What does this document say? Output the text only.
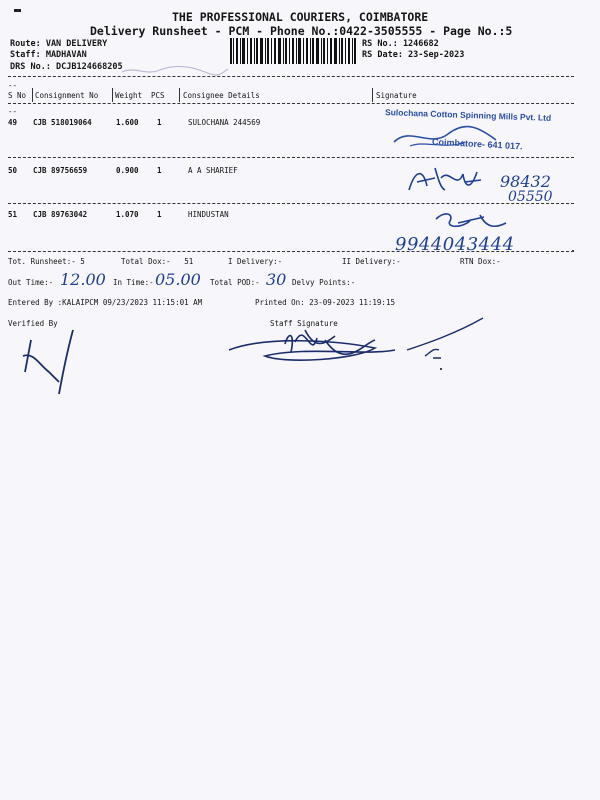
THE PROFESSIONAL COURIERS, COIMBATORE
Delivery Runsheet - PCM - Phone No.:0422-3505555 - Page No.:5
Route: VAN DELIVERY
Staff: MADHAVAN
DRS No.: DCJB124668205
RS No.: 1246682
RS Date: 23-Sep-2023
--
S No Consignment No Weight PCS Consignee Details	Signature
--
49 CJB 518019064	1.600 1	SULOCHANA 244569	Sulochana Cotton Spinning Mills Pvt. Ltd
Coimbatore- 641 017.
50 CJB 89756659	0.900 1	A A SHARIEF
98432
05550
51 CJB 89763042	1.070 1	HINDUSTAN
9944043444
Tot. Runsheet:- 5	Total Dox:-   51	I Delivery:-	II Delivery:-	RTN Dox:-
Out Time:- 12.00 In Time:- 05.00 Total POD:- 30 Delvy Points:-
Entered By :KALAIPCM 09/23/2023 11:15:01 AM	Printed On: 23-09-2023 11:19:15
Verified By	Staff Signature
